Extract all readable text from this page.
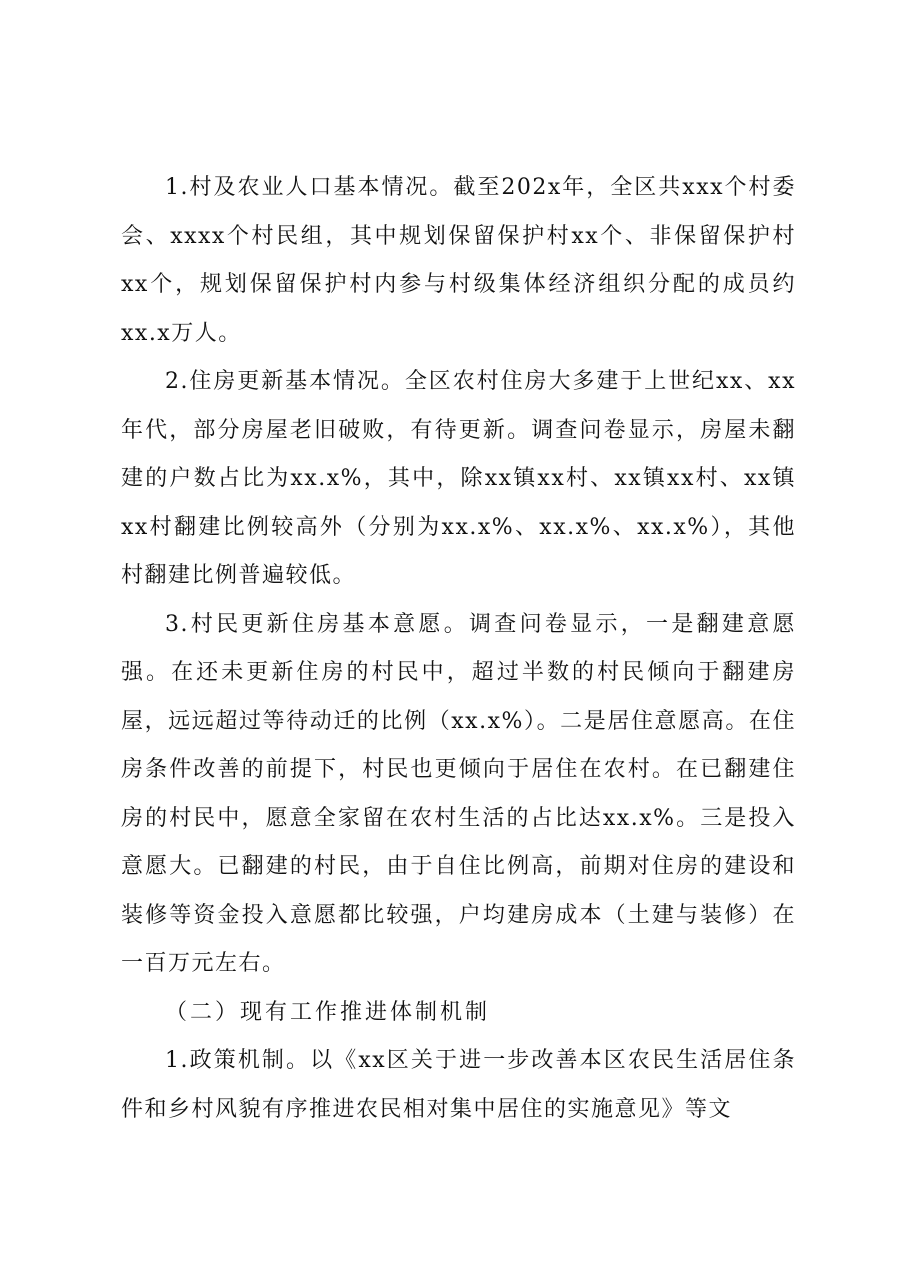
1.村及农业人口基本情况。截至202x年，全区共xxx个村委会、xxxx个村民组，其中规划保留保护村xx个、非保留保护村xx个，规划保留保护村内参与村级集体经济组织分配的成员约xx.x万人。

2.住房更新基本情况。全区农村住房大多建于上世纪xx、xx年代，部分房屋老旧破败，有待更新。调查问卷显示，房屋未翻建的户数占比为xx.x%，其中，除xx镇xx村、xx镇xx村、xx镇xx村翻建比例较高外（分别为xx.x%、xx.x%、xx.x%），其他村翻建比例普遍较低。

3.村民更新住房基本意愿。调查问卷显示，一是翻建意愿强。在还未更新住房的村民中，超过半数的村民倾向于翻建房屋，远远超过等待动迁的比例（xx.x%）。二是居住意愿高。在住房条件改善的前提下，村民也更倾向于居住在农村。在已翻建住房的村民中，愿意全家留在农村生活的占比达xx.x%。三是投入意愿大。已翻建的村民，由于自住比例高，前期对住房的建设和装修等资金投入意愿都比较强，户均建房成本（土建与装修）在一百万元左右。

（二）现有工作推进体制机制

1.政策机制。以《xx区关于进一步改善本区农民生活居住条件和乡村风貌有序推进农民相对集中居住的实施意见》等文
